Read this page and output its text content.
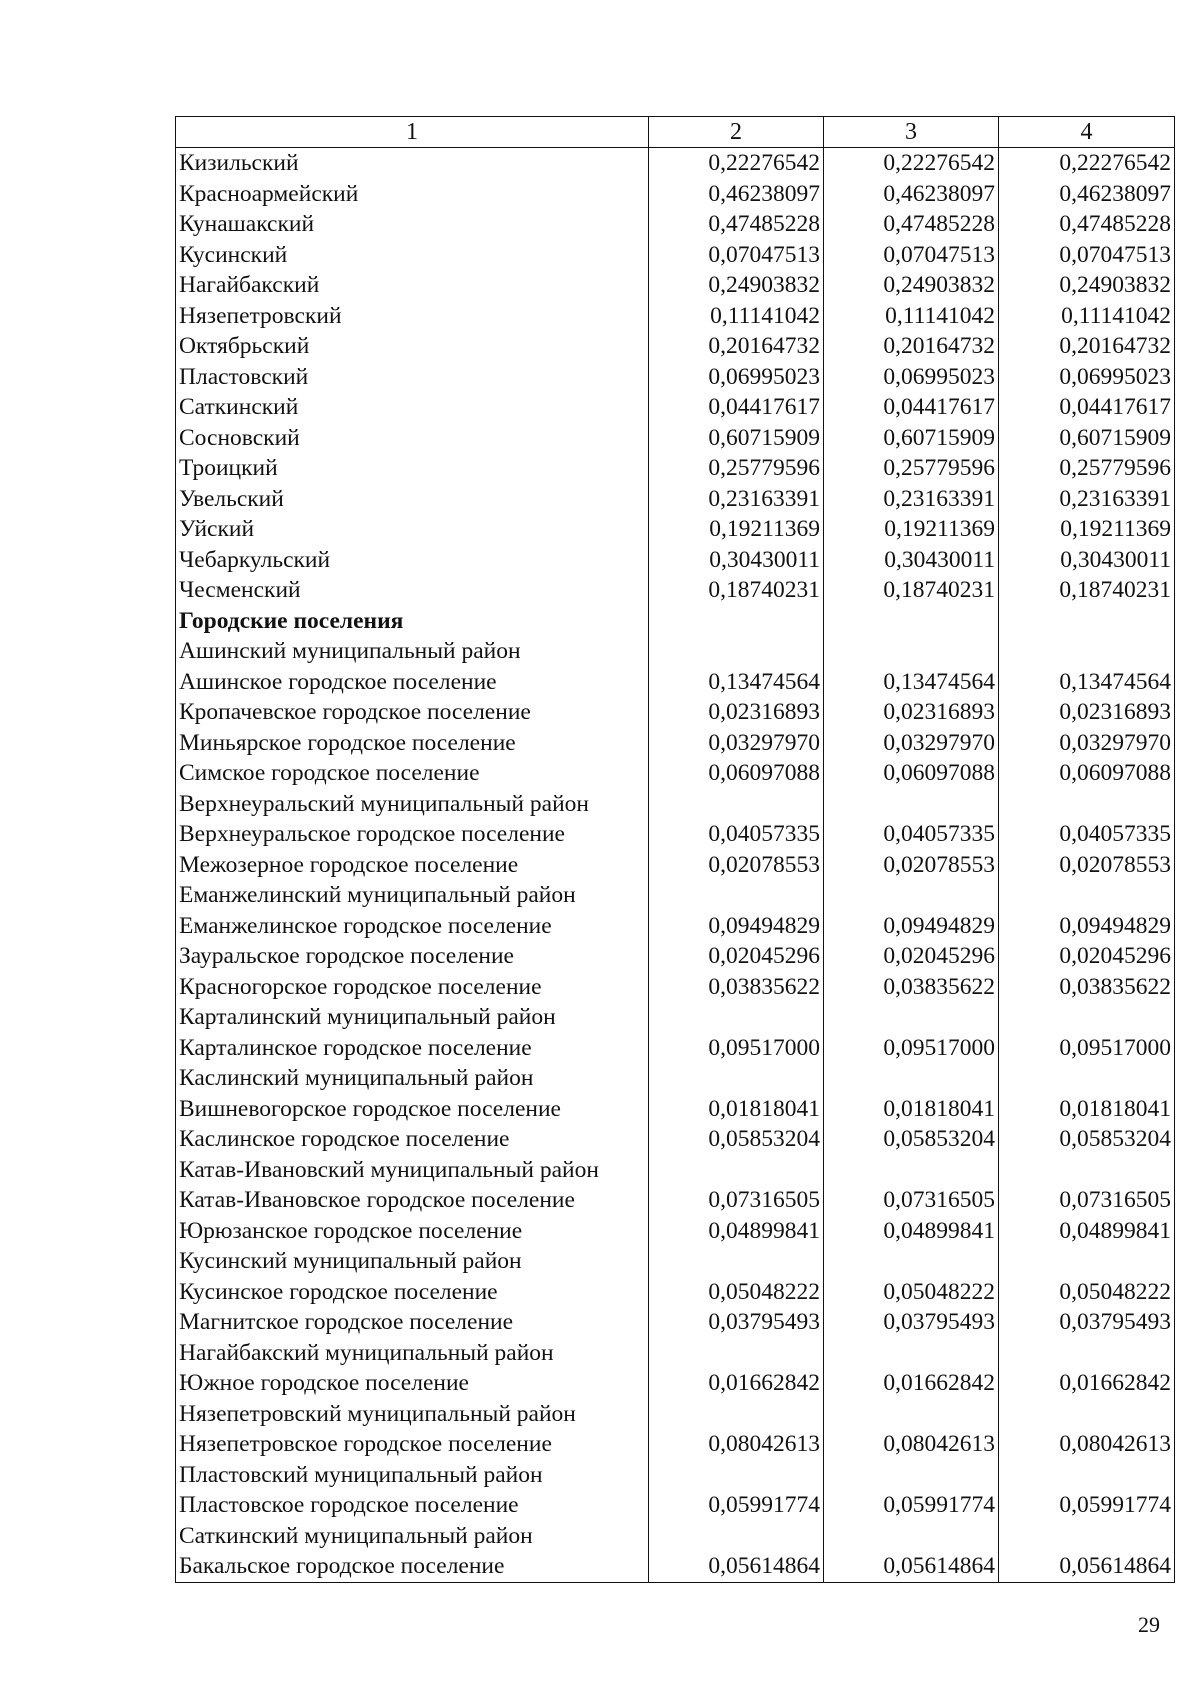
1	2	3	4
Кизильский	0,22276542	0,22276542	0,22276542
Красноармейский	0,46238097	0,46238097	0,46238097
Кунашакский	0,47485228	0,47485228	0,47485228
Кусинский	0,07047513	0,07047513	0,07047513
Нагайбакский	0,24903832	0,24903832	0,24903832
Нязепетровский	0,11141042	0,11141042	0,11141042
Октябрьский	0,20164732	0,20164732	0,20164732
Пластовский	0,06995023	0,06995023	0,06995023
Саткинский	0,04417617	0,04417617	0,04417617
Сосновский	0,60715909	0,60715909	0,60715909
Троицкий	0,25779596	0,25779596	0,25779596
Увельский	0,23163391	0,23163391	0,23163391
Уйский	0,19211369	0,19211369	0,19211369
Чебаркульский	0,30430011	0,30430011	0,30430011
Чесменский	0,18740231	0,18740231	0,18740231
Городские поселения			
Ашинский муниципальный район			
Ашинское городское поселение	0,13474564	0,13474564	0,13474564
Кропачевское городское поселение	0,02316893	0,02316893	0,02316893
Миньярское городское поселение	0,03297970	0,03297970	0,03297970
Симское городское поселение	0,06097088	0,06097088	0,06097088
Верхнеуральский муниципальный район			
Верхнеуральское городское поселение	0,04057335	0,04057335	0,04057335
Межозерное городское поселение	0,02078553	0,02078553	0,02078553
Еманжелинский муниципальный район			
Еманжелинское городское поселение	0,09494829	0,09494829	0,09494829
Зауральское городское поселение	0,02045296	0,02045296	0,02045296
Красногорское городское поселение	0,03835622	0,03835622	0,03835622
Карталинский муниципальный район			
Карталинское городское поселение	0,09517000	0,09517000	0,09517000
Каслинский муниципальный район			
Вишневогорское городское поселение	0,01818041	0,01818041	0,01818041
Каслинское городское поселение	0,05853204	0,05853204	0,05853204
Катав-Ивановский муниципальный район			
Катав-Ивановское городское поселение	0,07316505	0,07316505	0,07316505
Юрюзанское городское поселение	0,04899841	0,04899841	0,04899841
Кусинский муниципальный район			
Кусинское городское поселение	0,05048222	0,05048222	0,05048222
Магнитское городское поселение	0,03795493	0,03795493	0,03795493
Нагайбакский муниципальный район			
Южное городское поселение	0,01662842	0,01662842	0,01662842
Нязепетровский муниципальный район			
Нязепетровское городское поселение	0,08042613	0,08042613	0,08042613
Пластовский муниципальный район			
Пластовское городское поселение	0,05991774	0,05991774	0,05991774
Саткинский муниципальный район			
Бакальское городское поселение	0,05614864	0,05614864	0,05614864
29
